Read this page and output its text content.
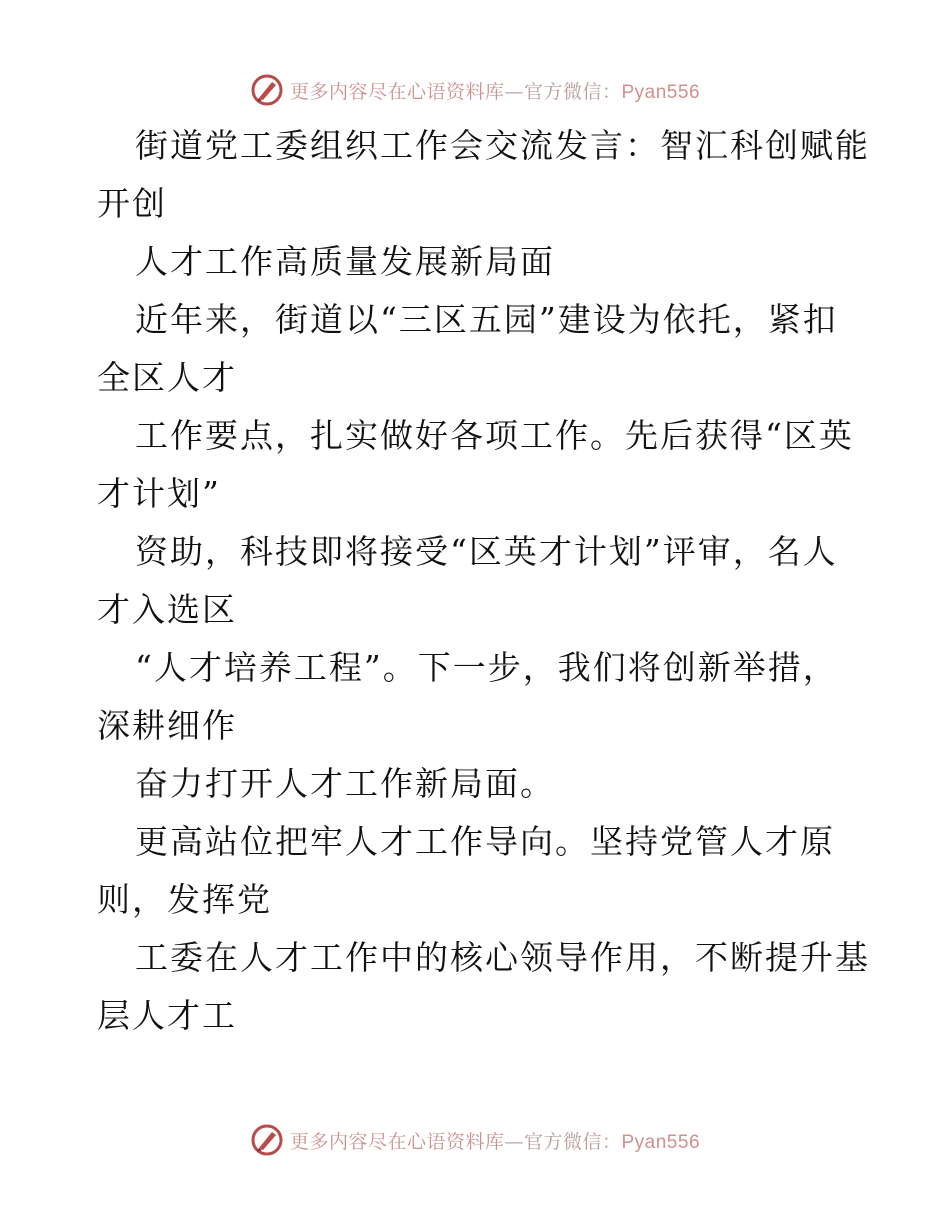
更多内容尽在心语资料库—官方微信：Pyan556
街道党工委组织工作会交流发言：智汇科创赋能
开创
人才工作高质量发展新局面
近年来，街道以“三区五园”建设为依托，紧扣
全区人才
工作要点，扎实做好各项工作。先后获得“区英
才计划”
资助，科技即将接受“区英才计划”评审，名人
才入选区
“人才培养工程”。下一步，我们将创新举措，
深耕细作
奋力打开人才工作新局面。
更高站位把牢人才工作导向。坚持党管人才原
则，发挥党
工委在人才工作中的核心领导作用，不断提升基
层人才工
更多内容尽在心语资料库—官方微信：Pyan556
